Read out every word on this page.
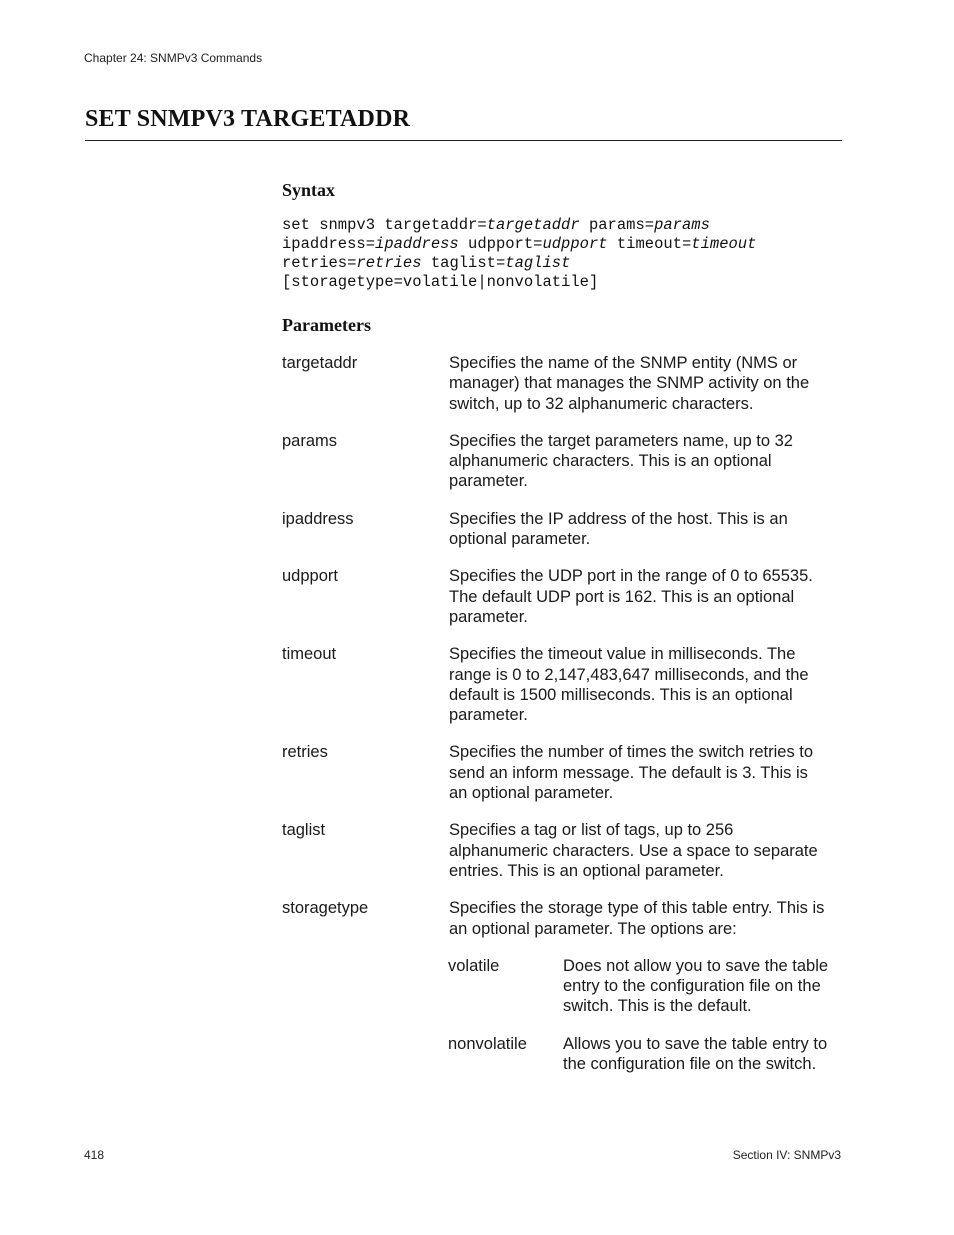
Chapter 24: SNMPv3 Commands
SET SNMPV3 TARGETADDR
Syntax
set snmpv3 targetaddr=targetaddr params=params
ipaddress=ipaddress udpport=udpport timeout=timeout
retries=retries taglist=taglist
[storagetype=volatile|nonvolatile]
Parameters
targetaddr	Specifies the name of the SNMP entity (NMS or
manager) that manages the SNMP activity on the
switch, up to 32 alphanumeric characters.
params	Specifies the target parameters name, up to 32
alphanumeric characters. This is an optional
parameter.
ipaddress	Specifies the IP address of the host. This is an
optional parameter.
udpport	Specifies the UDP port in the range of 0 to 65535.
The default UDP port is 162. This is an optional
parameter.
timeout	Specifies the timeout value in milliseconds. The
range is 0 to 2,147,483,647 milliseconds, and the
default is 1500 milliseconds. This is an optional
parameter.
retries	Specifies the number of times the switch retries to
send an inform message. The default is 3. This is
an optional parameter.
taglist	Specifies a tag or list of tags, up to 256
alphanumeric characters. Use a space to separate
entries. This is an optional parameter.
storagetype	Specifies the storage type of this table entry. This is
an optional parameter. The options are:
volatile	Does not allow you to save the table
entry to the configuration file on the
switch. This is the default.
nonvolatile Allows you to save the table entry to
the configuration file on the switch.
418	Section IV: SNMPv3
